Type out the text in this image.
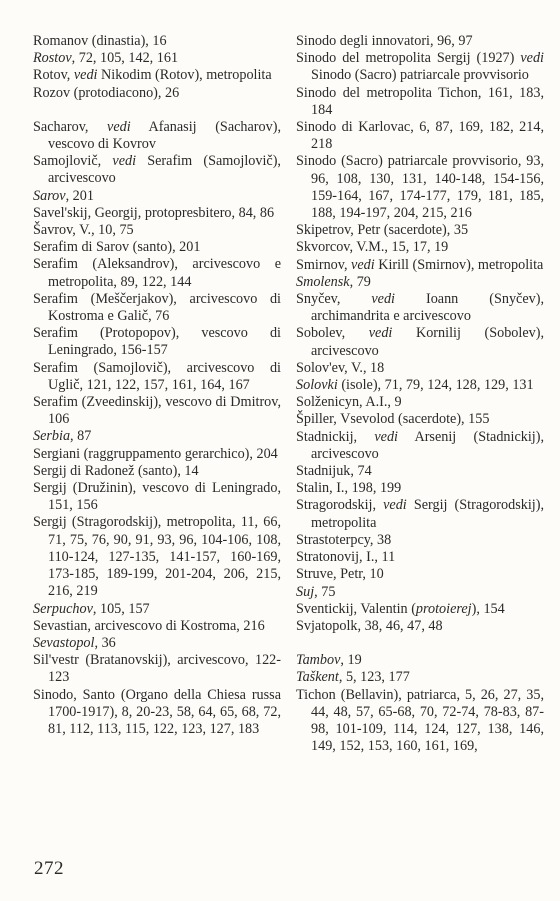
Romanov (dinastia), 16

Rostov, 72, 105, 142, 161

Rotov, vedi Nikodim (Rotov), metropolita

Rozov (protodiacono), 26

Sacharov, vedi Afanasij (Sacharov), vescovo di Kovrov

Samojlovič, vedi Serafim (Samojlovič), arcivescovo

Sarov, 201

Savel'skij, Georgij, protopresbitero, 84, 86

Šavrov, V., 10, 75

Serafim di Sarov (santo), 201

Serafim (Aleksandrov), arcivescovo e metropolita, 89, 122, 144

Serafim (Meščerjakov), arcivescovo di Kostroma e Galič, 76

Serafim (Protopopov), vescovo di Leningrado, 156-157

Serafim (Samojlovič), arcivescovo di Uglič, 121, 122, 157, 161, 164, 167

Serafim (Zveedinskij), vescovo di Dmitrov, 106

Serbia, 87

Sergiani (raggruppamento gerarchico), 204

Sergij di Radonež (santo), 14

Sergij (Družinin), vescovo di Leningrado, 151, 156

Sergij (Stragorodskij), metropolita, 11, 66, 71, 75, 76, 90, 91, 93, 96, 104-106, 108, 110-124, 127-135, 141-157, 160-169, 173-185, 189-199, 201-204, 206, 215, 216, 219

Serpuchov, 105, 157

Sevastian, arcivescovo di Kostroma, 216

Sevastopol, 36

Sil'vestr (Bratanovskij), arcivescovo, 122-123

Sinodo, Santo (Organo della Chiesa russa 1700-1917), 8, 20-23, 58, 64, 65, 68, 72, 81, 112, 113, 115, 122, 123, 127, 183

Sinodo degli innovatori, 96, 97

Sinodo del metropolita Sergij (1927) vedi Sinodo (Sacro) patriarcale provvisorio

Sinodo del metropolita Tichon, 161, 183, 184

Sinodo di Karlovac, 6, 87, 169, 182, 214, 218

Sinodo (Sacro) patriarcale provvisorio, 93, 96, 108, 130, 131, 140-148, 154-156, 159-164, 167, 174-177, 179, 181, 185, 188, 194-197, 204, 215, 216

Skipetrov, Petr (sacerdote), 35

Skvorcov, V.M., 15, 17, 19

Smirnov, vedi Kirill (Smirnov), metropolita

Smolensk, 79

Snyčev, vedi Ioann (Snyčev), archimandrita e arcivescovo

Sobolev, vedi Kornilij (Sobolev), arcivescovo

Solov'ev, V., 18

Solovki (isole), 71, 79, 124, 128, 129, 131

Solženicyn, A.I., 9

Špiller, Vsevolod (sacerdote), 155

Stadnickij, vedi Arsenij (Stadnickij), arcivescovo

Stadnijuk, 74

Stalin, I., 198, 199

Stragorodskij, vedi Sergij (Stragorodskij), metropolita

Strastoterpcy, 38

Stratonovij, I., 11

Struve, Petr, 10

Suj, 75

Sventickij, Valentin (protoierej), 154

Svjatopolk, 38, 46, 47, 48

Tambov, 19

Taškent, 5, 123, 177

Tichon (Bellavin), patriarca, 5, 26, 27, 35, 44, 48, 57, 65-68, 70, 72-74, 78-83, 87-98, 101-109, 114, 124, 127, 138, 146, 149, 152, 153, 160, 161, 169,

272
